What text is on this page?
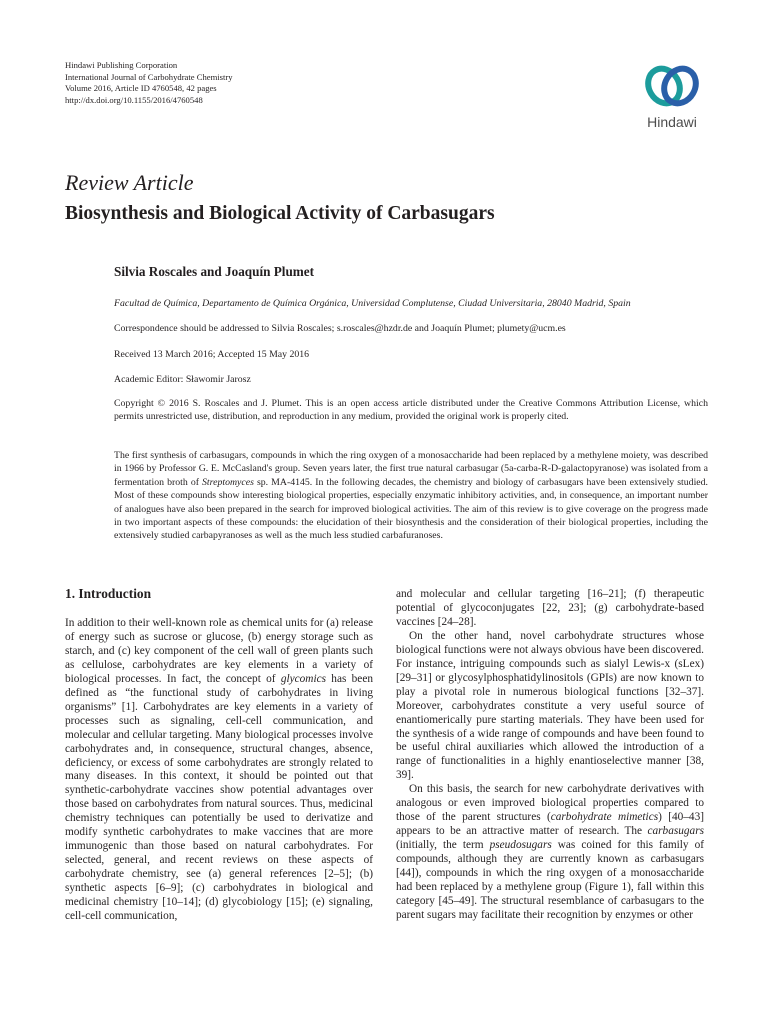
Hindawi Publishing Corporation
International Journal of Carbohydrate Chemistry
Volume 2016, Article ID 4760548, 42 pages
http://dx.doi.org/10.1155/2016/4760548
Hindawi
Review Article
Biosynthesis and Biological Activity of Carbasugars
Silvia Roscales and Joaquín Plumet
Facultad de Química, Departamento de Química Orgánica, Universidad Complutense, Ciudad Universitaria, 28040 Madrid, Spain
Correspondence should be addressed to Silvia Roscales; s.roscales@hzdr.de and Joaquín Plumet; plumety@ucm.es
Received 13 March 2016; Accepted 15 May 2016
Academic Editor: Sławomir Jarosz
Copyright © 2016 S. Roscales and J. Plumet. This is an open access article distributed under the Creative Commons Attribution License, which permits unrestricted use, distribution, and reproduction in any medium, provided the original work is properly cited.
The first synthesis of carbasugars, compounds in which the ring oxygen of a monosaccharide had been replaced by a methylene moiety, was described in 1966 by Professor G. E. McCasland's group. Seven years later, the first true natural carbasugar (5a-carba-R-D-galactopyranose) was isolated from a fermentation broth of Streptomyces sp. MA-4145. In the following decades, the chemistry and biology of carbasugars have been extensively studied. Most of these compounds show interesting biological properties, especially enzymatic inhibitory activities, and, in consequence, an important number of analogues have also been prepared in the search for improved biological activities. The aim of this review is to give coverage on the progress made in two important aspects of these compounds: the elucidation of their biosynthesis and the consideration of their biological properties, including the extensively studied carbapyranoses as well as the much less studied carbafuranoses.
1. Introduction

In addition to their well-known role as chemical units for (a) release of energy such as sucrose or glucose, (b) energy storage such as starch, and (c) key component of the cell wall of green plants such as cellulose, carbohydrates are key elements in a variety of biological processes. In fact, the concept of glycomics has been defined as “the functional study of carbohydrates in living organisms” [1]. Carbohydrates are key elements in a variety of processes such as signaling, cell-cell communication, and molecular and cellular targeting. Many biological processes involve carbohydrates and, in consequence, structural changes, absence, deficiency, or excess of some carbohydrates are strongly related to many diseases. In this context, it should be pointed out that synthetic-carbohydrate vaccines show potential advantages over those based on carbohydrates from natural sources. Thus, medicinal chemistry techniques can potentially be used to derivatize and modify synthetic carbohydrates to make vaccines that are more immunogenic than those based on natural carbohydrates. For selected, general, and recent reviews on these aspects of carbohydrate chemistry, see (a) general references [2–5]; (b) synthetic aspects [6–9]; (c) carbohydrates in biological and medicinal chemistry [10–14]; (d) glycobiology [15]; (e) signaling, cell-cell communication,

and molecular and cellular targeting [16–21]; (f) therapeutic potential of glycoconjugates [22, 23]; (g) carbohydrate-based vaccines [24–28].

On the other hand, novel carbohydrate structures whose biological functions were not always obvious have been discovered. For instance, intriguing compounds such as sialyl Lewis-x (sLex) [29–31] or glycosylphosphatidylinositols (GPIs) are now known to play a pivotal role in numerous biological functions [32–37]. Moreover, carbohydrates constitute a very useful source of enantiomerically pure starting materials. They have been used for the synthesis of a wide range of compounds and have been found to be useful chiral auxiliaries which allowed the introduction of a range of functionalities in a highly enantioselective manner [38, 39].

On this basis, the search for new carbohydrate derivatives with analogous or even improved biological properties compared to those of the parent structures (carbohydrate mimetics) [40–43] appears to be an attractive matter of research. The carbasugars (initially, the term pseudosugars was coined for this family of compounds, although they are currently known as carbasugars [44]), compounds in which the ring oxygen of a monosaccharide had been replaced by a methylene group (Figure 1), fall within this category [45–49]. The structural resemblance of carbasugars to the parent sugars may facilitate their recognition by enzymes or other
